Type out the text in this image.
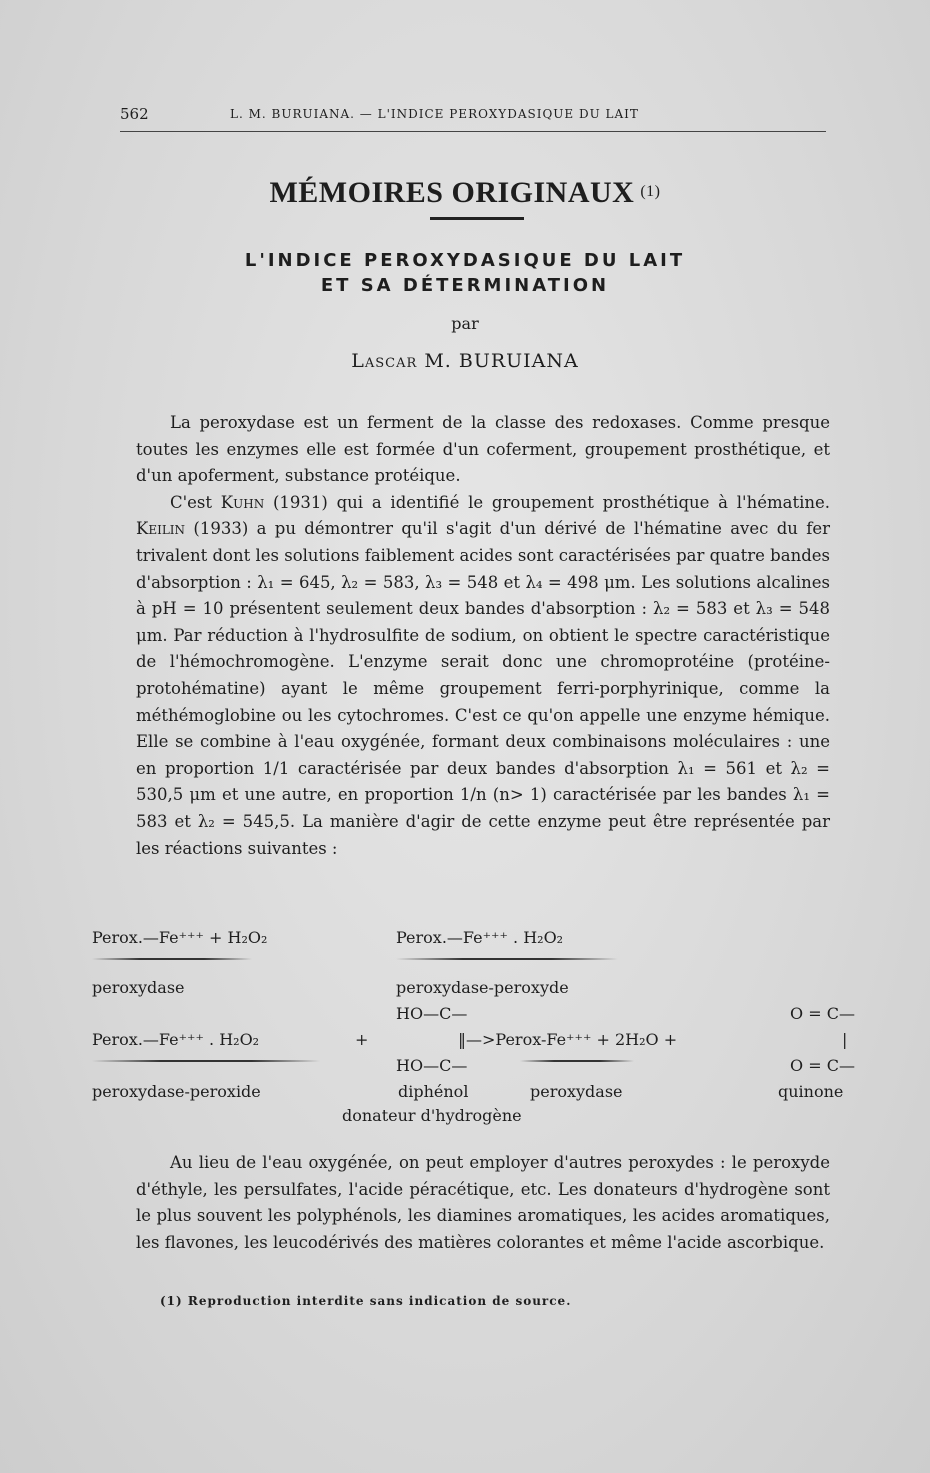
562	L. M. BURUIANA. — L'INDICE PEROXYDASIQUE DU LAIT
MÉMOIRES ORIGINAUX $^{(1)}$
L'INDICE PEROXYDASIQUE DU LAIT
ET SA DÉTERMINATION
par
Lascar M. BURUIANA

La peroxydase est un ferment de la classe des redoxases. Comme presque toutes les enzymes elle est formée d'un coferment, groupement prosthétique, et d'un apoferment, substance protéique.

C'est Kuhn (1931) qui a identifié le groupement prosthétique à l'hématine. Keilin (1933) a pu démontrer qu'il s'agit d'un dérivé de l'hématine avec du fer trivalent dont les solutions faiblement acides sont caractérisées par quatre bandes d'absorption : λ₁ = 645, λ₂ = 583, λ₃ = 548 et λ₄ = 498 μm. Les solutions alcalines à pH = 10 présentent seulement deux bandes d'absorption : λ₂ = 583 et λ₃ = 548 μm. Par réduction à l'hydrosulfite de sodium, on obtient le spectre caractéristique de l'hémochromogène. L'enzyme serait donc une chromoprotéine (protéine-protohématine) ayant le même groupement ferri-porphyrinique, comme la méthémoglobine ou les cytochromes. C'est ce qu'on appelle une enzyme hémique. Elle se combine à l'eau oxygénée, formant deux combinaisons moléculaires : une en proportion 1/1 caractérisée par deux bandes d'absorption λ₁ = 561 et λ₂ = 530,5 μm et une autre, en proportion 1/n (n> 1) caractérisée par les bandes λ₁ = 583 et λ₂ = 545,5. La manière d'agir de cette enzyme peut être représentée par les réactions suivantes :

Perox.—Fe⁺⁺⁺ + H₂O₂	Perox.—Fe⁺⁺⁺ . H₂O₂
peroxydase	peroxydase-peroxyde
HO—C—	O = C—
Perox.—Fe⁺⁺⁺ . H₂O₂	+	‖—>Perox-Fe⁺⁺⁺ + 2H₂O +	|
HO—C—	O = C—
peroxydase-peroxide	diphénol	peroxydase	quinone
donateur d'hydrogène

Au lieu de l'eau oxygénée, on peut employer d'autres peroxydes : le peroxyde d'éthyle, les persulfates, l'acide péracétique, etc. Les donateurs d'hydrogène sont le plus souvent les polyphénols, les diamines aromatiques, les acides aromatiques, les flavones, les leucodérivés des matières colorantes et même l'acide ascorbique.

(1) Reproduction interdite sans indication de source.
